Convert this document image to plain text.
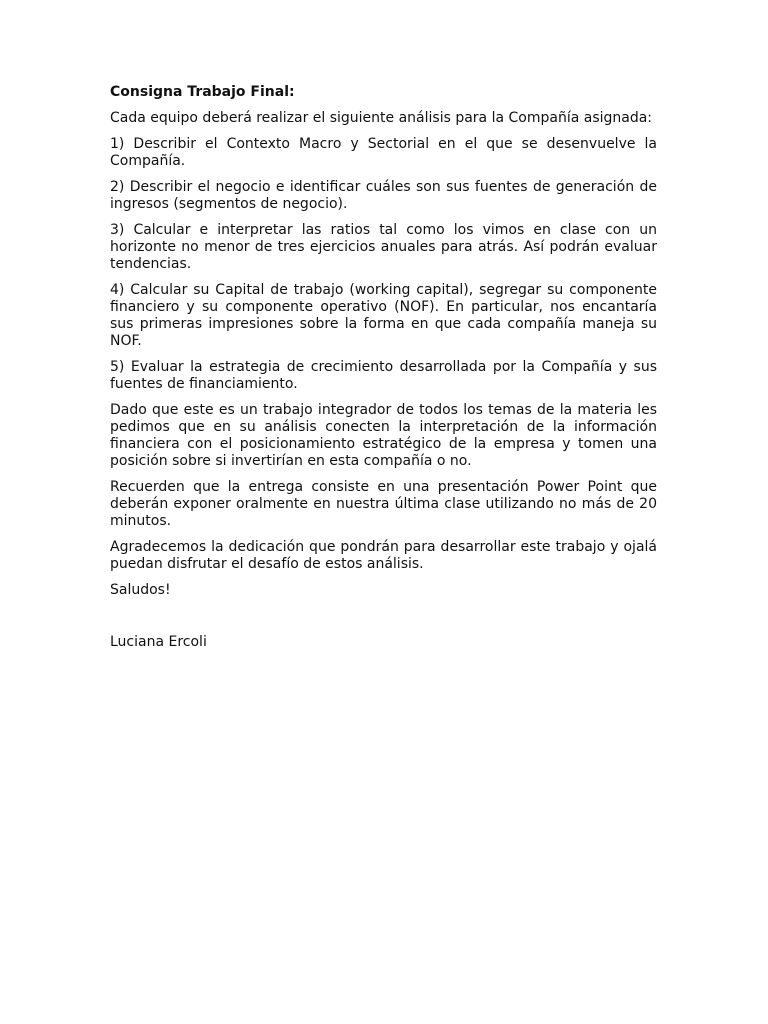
Consigna Trabajo Final:

Cada equipo deberá realizar el siguiente análisis para la Compañía asignada:

1) Describir el Contexto Macro y Sectorial en el que se desenvuelve la Compañía.

2) Describir el negocio e identificar cuáles son sus fuentes de generación de ingresos (segmentos de negocio).

3) Calcular e interpretar las ratios tal como los vimos en clase con un horizonte no menor de tres ejercicios anuales para atrás. Así podrán evaluar tendencias.

4) Calcular su Capital de trabajo (working capital), segregar su componente financiero y su componente operativo (NOF). En particular, nos encantaría sus primeras impresiones sobre la forma en que cada compañía maneja su NOF.

5) Evaluar la estrategia de crecimiento desarrollada por la Compañía y sus fuentes de financiamiento.

Dado que este es un trabajo integrador de todos los temas de la materia les pedimos que en su análisis conecten la interpretación de la información financiera con el posicionamiento estratégico de la empresa y tomen una posición sobre si invertirían en esta compañía o no.

Recuerden que la entrega consiste en una presentación Power Point que deberán exponer oralmente en nuestra última clase utilizando no más de 20 minutos.

Agradecemos la dedicación que pondrán para desarrollar este trabajo y ojalá puedan disfrutar el desafío de estos análisis.

Saludos!

Luciana Ercoli
